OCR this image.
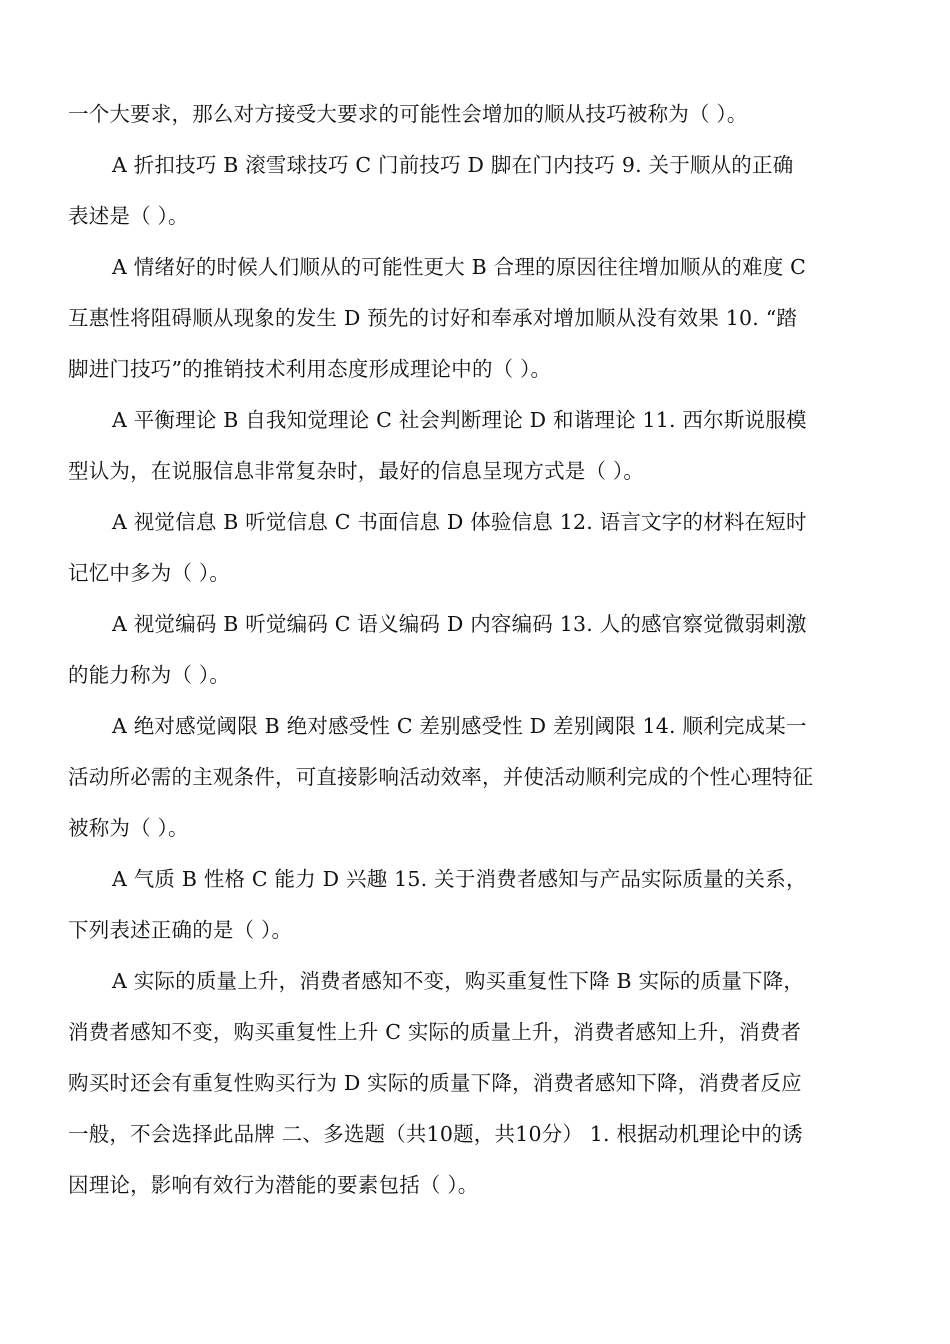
一个大要求，那么对方接受大要求的可能性会增加的顺从技巧被称为（ ）。
A 折扣技巧 B 滚雪球技巧 C 门前技巧 D 脚在门内技巧 9. 关于顺从的正确
表述是（ ）。
A 情绪好的时候人们顺从的可能性更大 B 合理的原因往往增加顺从的难度 C
互惠性将阻碍顺从现象的发生 D 预先的讨好和奉承对增加顺从没有效果 10. “踏
脚进门技巧”的推销技术利用态度形成理论中的（ ）。
A 平衡理论 B 自我知觉理论 C 社会判断理论 D 和谐理论 11. 西尔斯说服模
型认为，在说服信息非常复杂时，最好的信息呈现方式是（ ）。
A 视觉信息 B 听觉信息 C 书面信息 D 体验信息 12. 语言文字的材料在短时
记忆中多为（ ）。
A 视觉编码 B 听觉编码 C 语义编码 D 内容编码 13. 人的感官察觉微弱刺激
的能力称为（ ）。
A 绝对感觉阈限 B 绝对感受性 C 差别感受性 D 差别阈限 14. 顺利完成某一
活动所必需的主观条件，可直接影响活动效率，并使活动顺利完成的个性心理特征
被称为（ ）。
A 气质 B 性格 C 能力 D 兴趣 15. 关于消费者感知与产品实际质量的关系，
下列表述正确的是（ ）。
A 实际的质量上升，消费者感知不变，购买重复性下降 B 实际的质量下降，
消费者感知不变，购买重复性上升 C 实际的质量上升，消费者感知上升，消费者
购买时还会有重复性购买行为 D 实际的质量下降，消费者感知下降，消费者反应
一般，不会选择此品牌 二、多选题（共10题，共10分） 1. 根据动机理论中的诱
因理论，影响有效行为潜能的要素包括（ ）。
